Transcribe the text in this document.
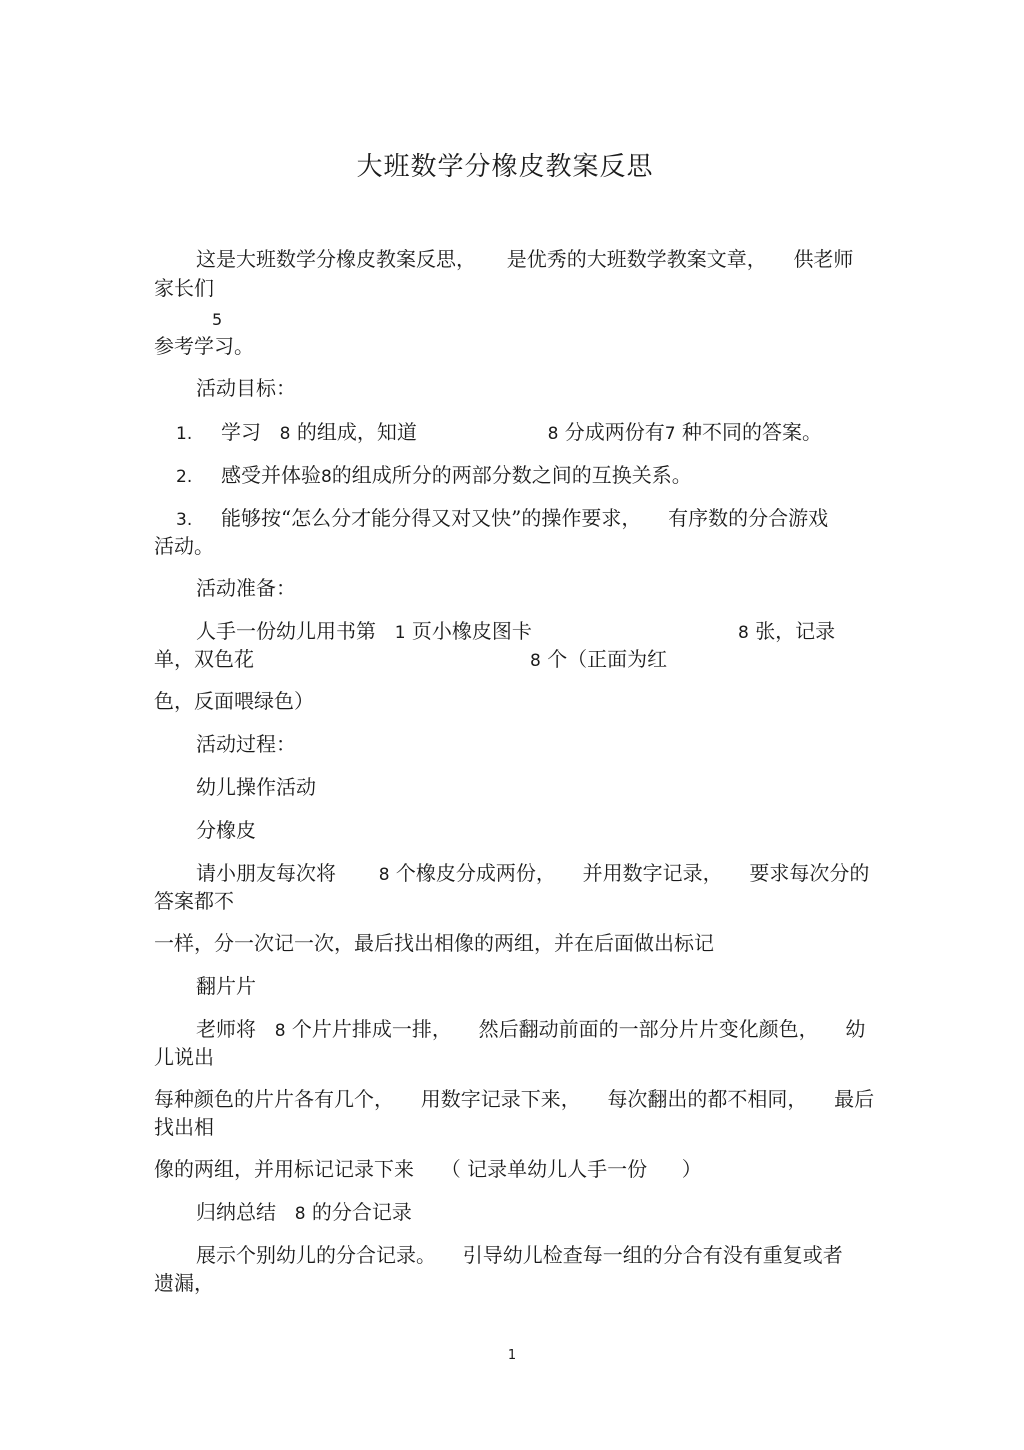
大班数学分橡皮教案反思
这是大班数学分橡皮教案反思， 是优秀的大班数学教案文章， 供老师
家长们
5
参考学习。
活动目标：
1. 学习 8 的组成，知道	8 分成两份有7 种不同的答案。
2. 感受并体验8的组成所分的两部分数之间的互换关系。
3. 能够按“怎么分才能分得又对又快”的操作要求， 有序数的分合游戏
活动。
活动准备：
人手一份幼儿用书第 1 页小橡皮图卡	8 张，记录
单，双色花	8 个（正面为红
色，反面喂绿色）
活动过程：
幼儿操作活动
分橡皮
请小朋友每次将	8 个橡皮分成两份， 并用数字记录， 要求每次分的
答案都不
一样，分一次记一次，最后找出相像的两组，并在后面做出标记
翻片片
老师将 8 个片片排成一排， 然后翻动前面的一部分片片变化颜色， 幼
儿说出
每种颜色的片片各有几个， 用数字记录下来， 每次翻出的都不相同， 最后
找出相
像的两组，并用标记记录下来 （ 记录单幼儿人手一份 ）
归纳总结 8 的分合记录
展示个别幼儿的分合记录。 引导幼儿检查每一组的分合有没有重复或者
遗漏，
1
